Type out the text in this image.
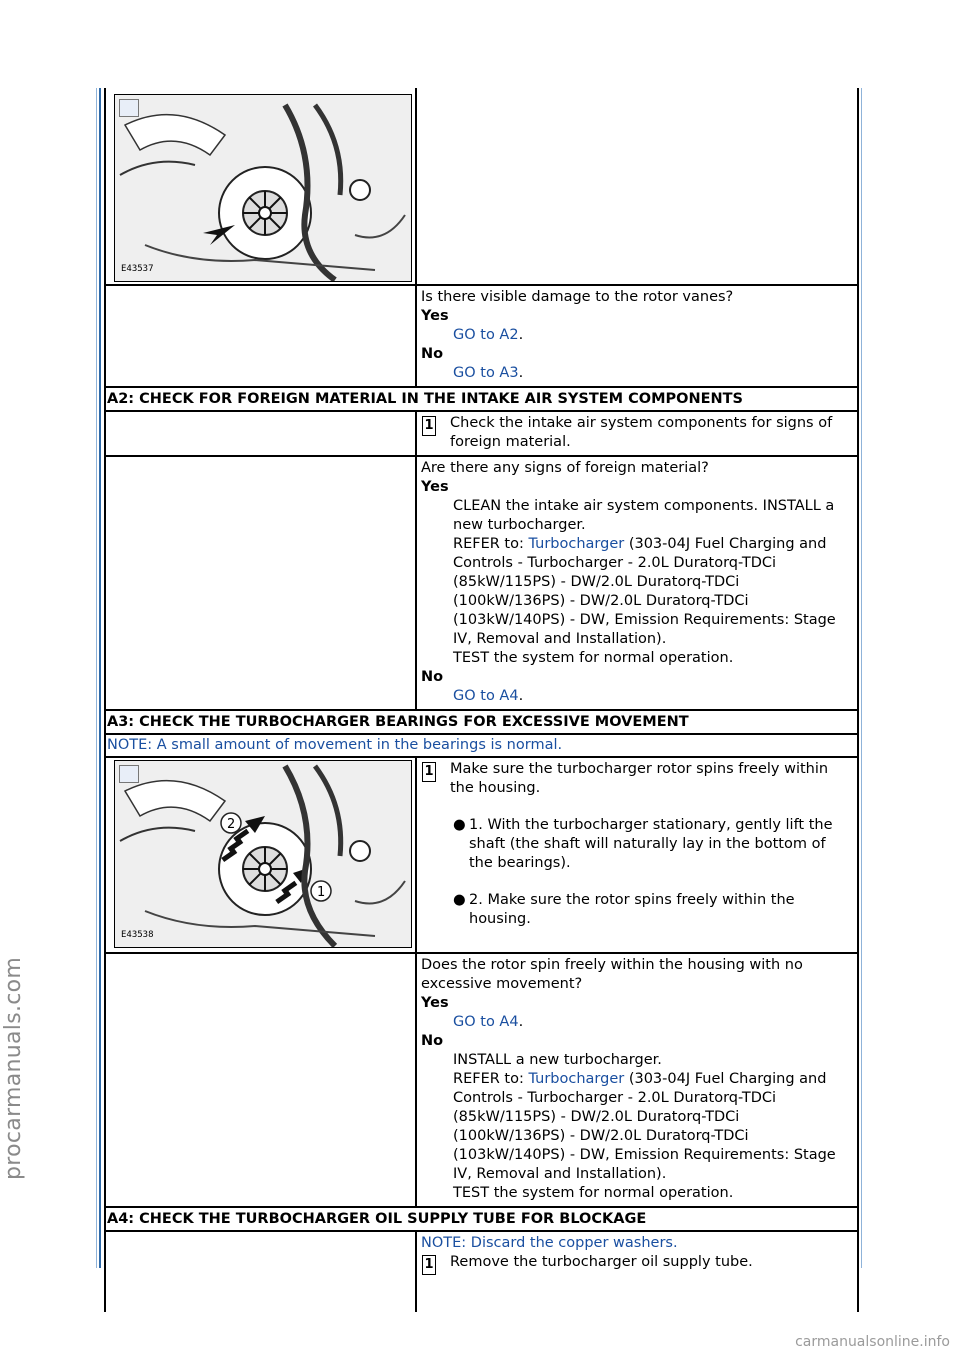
procarmanuals.com
carmanualsonline.info
E43537
Is there visible damage to the rotor vanes?
Yes
GO to A2.
No
GO to A3.
A2: CHECK FOR FOREIGN MATERIAL IN THE INTAKE AIR SYSTEM COMPONENTS
1 Check the intake air system components for signs of foreign material.
Are there any signs of foreign material?
Yes
CLEAN the intake air system components. INSTALL a new turbocharger.
REFER to: Turbocharger (303-04J Fuel Charging and Controls - Turbocharger - 2.0L Duratorq-TDCi (85kW/115PS) - DW/2.0L Duratorq-TDCi (100kW/136PS) - DW/2.0L Duratorq-TDCi (103kW/140PS) - DW, Emission Requirements: Stage IV, Removal and Installation).
TEST the system for normal operation.
No
GO to A4.
A3: CHECK THE TURBOCHARGER BEARINGS FOR EXCESSIVE MOVEMENT
NOTE: A small amount of movement in the bearings is normal.
2
1
E43538
1 Make sure the turbocharger rotor spins freely within the housing.
● 1. With the turbocharger stationary, gently lift the shaft (the shaft will naturally lay in the bottom of the bearings).
● 2. Make sure the rotor spins freely within the housing.
Does the rotor spin freely within the housing with no excessive movement?
Yes
GO to A4.
No
INSTALL a new turbocharger.
REFER to: Turbocharger (303-04J Fuel Charging and Controls - Turbocharger - 2.0L Duratorq-TDCi (85kW/115PS) - DW/2.0L Duratorq-TDCi (100kW/136PS) - DW/2.0L Duratorq-TDCi (103kW/140PS) - DW, Emission Requirements: Stage IV, Removal and Installation).
TEST the system for normal operation.
A4: CHECK THE TURBOCHARGER OIL SUPPLY TUBE FOR BLOCKAGE
NOTE: Discard the copper washers.
1 Remove the turbocharger oil supply tube.
